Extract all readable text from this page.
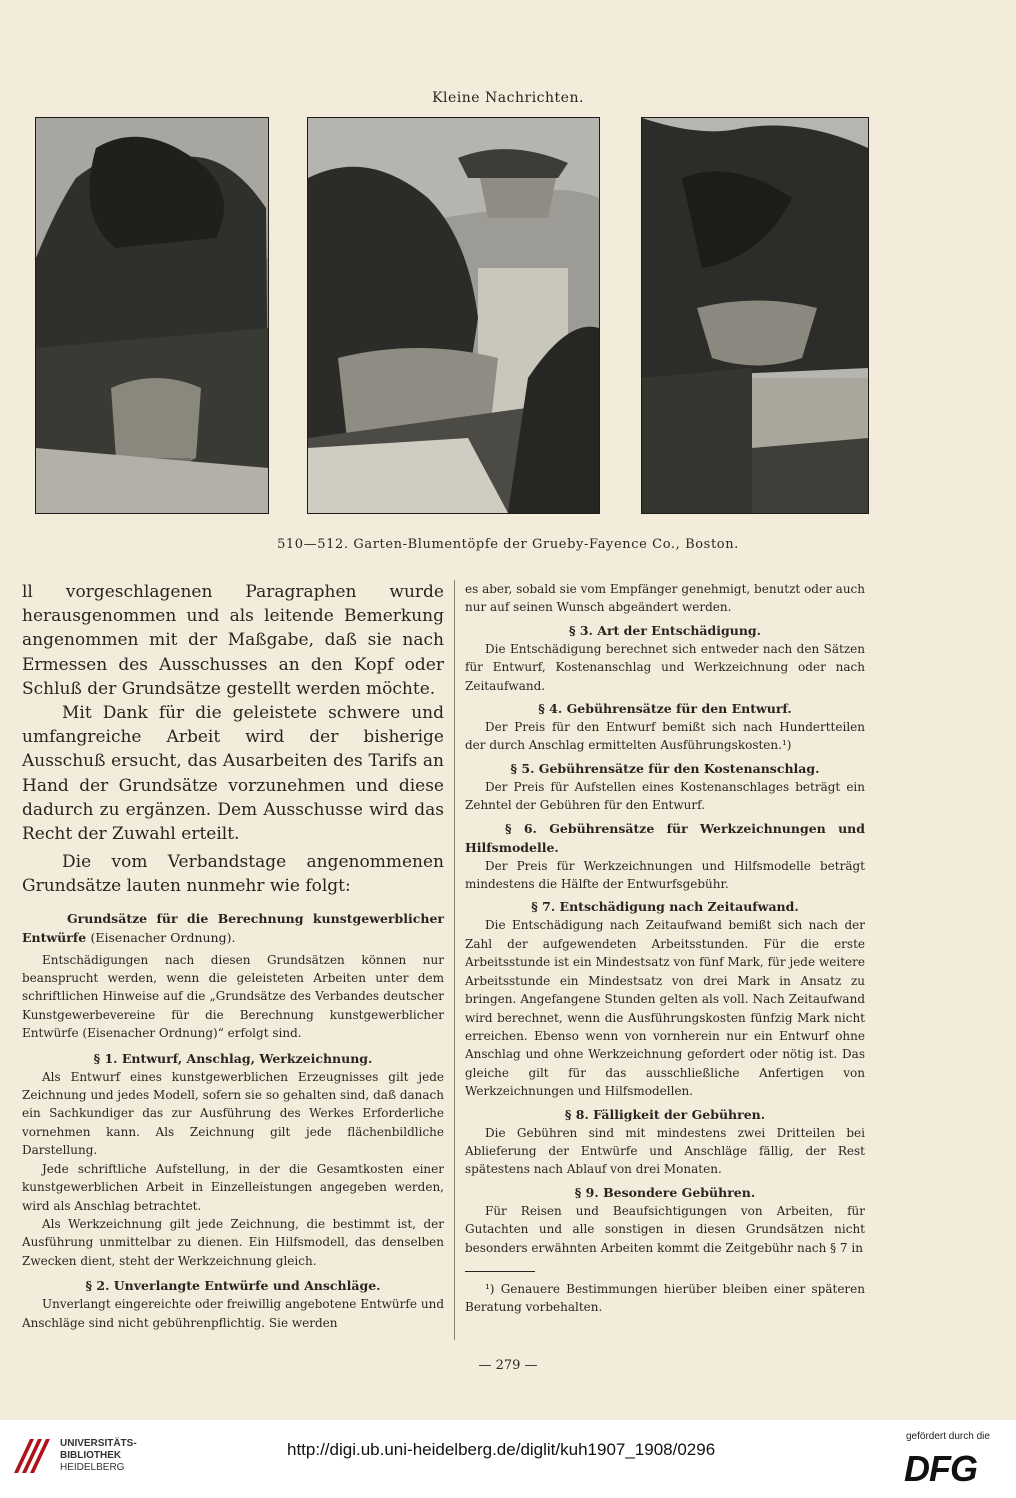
Kleine Nachrichten.
510—512. Garten-Blumentöpfe der Grueby-Fayence Co., Boston.

ll vorgeschlagenen Paragraphen wurde herausgenommen und als leitende Bemerkung angenommen mit der Maßgabe, daß sie nach Ermessen des Ausschusses an den Kopf oder Schluß der Grundsätze gestellt werden möchte.

Mit Dank für die geleistete schwere und umfangreiche Arbeit wird der bisherige Ausschuß ersucht, das Ausarbeiten des Tarifs an Hand der Grundsätze vorzunehmen und diese dadurch zu ergänzen. Dem Ausschusse wird das Recht der Zuwahl erteilt.

Die vom Verbandstage angenommenen Grundsätze lauten nunmehr wie folgt:

Grundsätze für die Berechnung kunstgewerblicher Entwürfe (Eisenacher Ordnung).

Entschädigungen nach diesen Grundsätzen können nur beansprucht werden, wenn die geleisteten Arbeiten unter dem schriftlichen Hinweise auf die „Grundsätze des Verbandes deutscher Kunstgewerbevereine für die Berechnung kunstgewerblicher Entwürfe (Eisenacher Ordnung)“ erfolgt sind.

§ 1. Entwurf, Anschlag, Werkzeichnung.

Als Entwurf eines kunstgewerblichen Erzeugnisses gilt jede Zeichnung und jedes Modell, sofern sie so gehalten sind, daß danach ein Sachkundiger das zur Ausführung des Werkes Erforderliche vornehmen kann. Als Zeichnung gilt jede flächenbildliche Darstellung.

Jede schriftliche Aufstellung, in der die Gesamtkosten einer kunstgewerblichen Arbeit in Einzelleistungen angegeben werden, wird als Anschlag betrachtet.

Als Werkzeichnung gilt jede Zeichnung, die bestimmt ist, der Ausführung unmittelbar zu dienen. Ein Hilfsmodell, das denselben Zwecken dient, steht der Werkzeichnung gleich.

§ 2. Unverlangte Entwürfe und Anschläge.

Unverlangt eingereichte oder freiwillig angebotene Entwürfe und Anschläge sind nicht gebührenpflichtig. Sie werden

es aber, sobald sie vom Empfänger genehmigt, benutzt oder auch nur auf seinen Wunsch abgeändert werden.

§ 3. Art der Entschädigung.

Die Entschädigung berechnet sich entweder nach den Sätzen für Entwurf, Kostenanschlag und Werkzeichnung oder nach Zeitaufwand.

§ 4. Gebührensätze für den Entwurf.

Der Preis für den Entwurf bemißt sich nach Hundertteilen der durch Anschlag ermittelten Ausführungskosten.¹)

§ 5. Gebührensätze für den Kostenanschlag.

Der Preis für Aufstellen eines Kostenanschlages beträgt ein Zehntel der Gebühren für den Entwurf.

§ 6. Gebührensätze für Werkzeichnungen und Hilfsmodelle.

Der Preis für Werkzeichnungen und Hilfsmodelle beträgt mindestens die Hälfte der Entwurfsgebühr.

§ 7. Entschädigung nach Zeitaufwand.

Die Entschädigung nach Zeitaufwand bemißt sich nach der Zahl der aufgewendeten Arbeitsstunden. Für die erste Arbeitsstunde ist ein Mindestsatz von fünf Mark, für jede weitere Arbeitsstunde ein Mindestsatz von drei Mark in Ansatz zu bringen. Angefangene Stunden gelten als voll. Nach Zeitaufwand wird berechnet, wenn die Ausführungskosten fünfzig Mark nicht erreichen. Ebenso wenn von vornherein nur ein Entwurf ohne Anschlag und ohne Werkzeichnung gefordert oder nötig ist. Das gleiche gilt für das ausschließliche Anfertigen von Werkzeichnungen und Hilfsmodellen.

§ 8. Fälligkeit der Gebühren.

Die Gebühren sind mit mindestens zwei Dritteilen bei Ablieferung der Entwürfe und Anschläge fällig, der Rest spätestens nach Ablauf von drei Monaten.

§ 9. Besondere Gebühren.

Für Reisen und Beaufsichtigungen von Arbeiten, für Gutachten und alle sonstigen in diesen Grundsätzen nicht besonders erwähnten Arbeiten kommt die Zeitgebühr nach § 7 in

¹) Genauere Bestimmungen hierüber bleiben einer späteren Beratung vorbehalten.

— 279 —
UNIVERSITÄTS-
BIBLIOTHEK
HEIDELBERG
http://digi.ub.uni-heidelberg.de/diglit/kuh1907_1908/0296
gefördert durch die
DFG
